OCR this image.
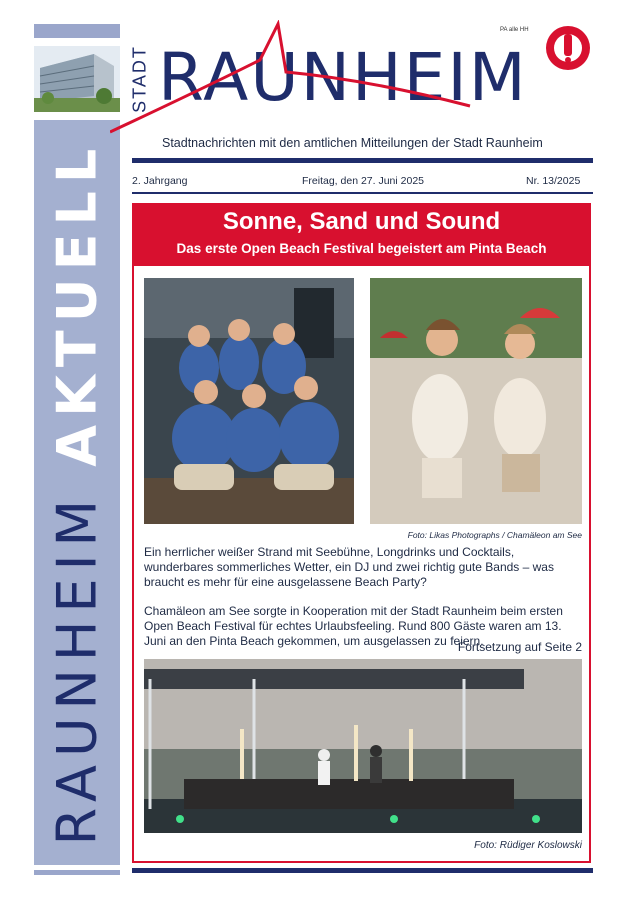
RAUNHEIM AKTUELL
STADT RAUNHEIM
PA alle HH
Stadtnachrichten mit den amtlichen Mitteilungen der Stadt Raunheim
2. Jahrgang	Freitag, den 27. Juni 2025	Nr. 13/2025
Sonne, Sand und Sound
Das erste Open Beach Festival begeistert am Pinta Beach
Foto: Likas Photographs / Chamäleon am See
Ein herrlicher weißer Strand mit Seebühne, Longdrinks und Cocktails, wunderbares sommerliches Wetter, ein DJ und zwei richtig gute Bands – was braucht es mehr für eine ausgelassene Beach Party?
Chamäleon am See sorgte in Kooperation mit der Stadt Raunheim beim ersten Open Beach Festival für echtes Urlaubsfeeling. Rund 800 Gäste waren am 13. Juni an den Pinta Beach gekommen, um ausgelassen zu feiern.
Fortsetzung auf Seite 2
Foto: Rüdiger Koslowski
